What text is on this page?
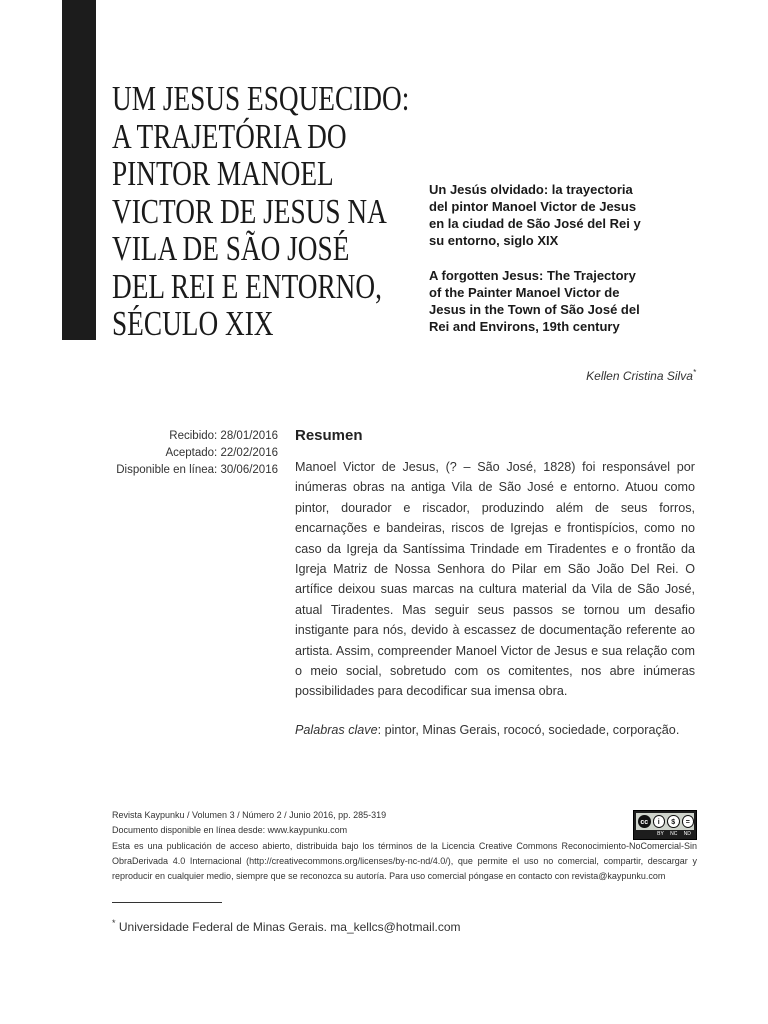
UM JESUS ESQUECIDO:
A TRAJETÓRIA DO
PINTOR MANOEL
VICTOR DE JESUS NA
VILA DE SÃO JOSÉ
DEL REI E ENTORNO,
SÉCULO XIX
Un Jesús olvidado: la trayectoria
del pintor Manoel Victor de Jesus
en la ciudad de São José del Rei y
su entorno, siglo XIX
A forgotten Jesus: The Trajectory
of the Painter Manoel Victor de
Jesus in the Town of São José del
Rei and Environs, 19th century
Kellen Cristina Silva*
Recibido: 28/01/2016
Aceptado: 22/02/2016
Disponible en línea: 30/06/2016
Resumen

Manoel Victor de Jesus, (? – São José, 1828) foi responsável por inúmeras obras na antiga Vila de São José e entorno. Atuou como pintor, dourador e riscador, produzindo além de seus forros, encarnações e bandeiras, riscos de Igrejas e frontispícios, como no caso da Igreja da Santíssima Trindade em Tiradentes e o frontão da Igreja Matriz de Nossa Senhora do Pilar em São João Del Rei. O artífice deixou suas marcas na cultura material da Vila de São José, atual Tiradentes. Mas seguir seus passos se tornou um desafio instigante para nós, devido à escassez de documentação referente ao artista. Assim, compreender Manoel Victor de Jesus e sua relação com o meio social, sobretudo com os comitentes, nos abre inúmeras possibilidades para decodificar sua imensa obra.

Palabras clave: pintor, Minas Gerais, rococó, sociedade, corporação.
Revista Kaypunku / Volumen 3 / Número 2 / Junio 2016, pp. 285-319
Documento disponible en línea desde: www.kaypunku.com
Esta es una publicación de acceso abierto, distribuida bajo los términos de la Licencia Creative Commons Reconocimiento-NoComercial-Sin ObraDerivada 4.0 Internacional (http://creativecommons.org/licenses/by-nc-nd/4.0/), que permite el uso no comercial, compartir, descargar y reproducir en cualquier medio, siempre que se reconozca su autoría. Para uso comercial póngase en contacto con revista@kaypunku.com
cc	i	$	=
BY NC ND
* Universidade Federal de Minas Gerais. ma_kellcs@hotmail.com
